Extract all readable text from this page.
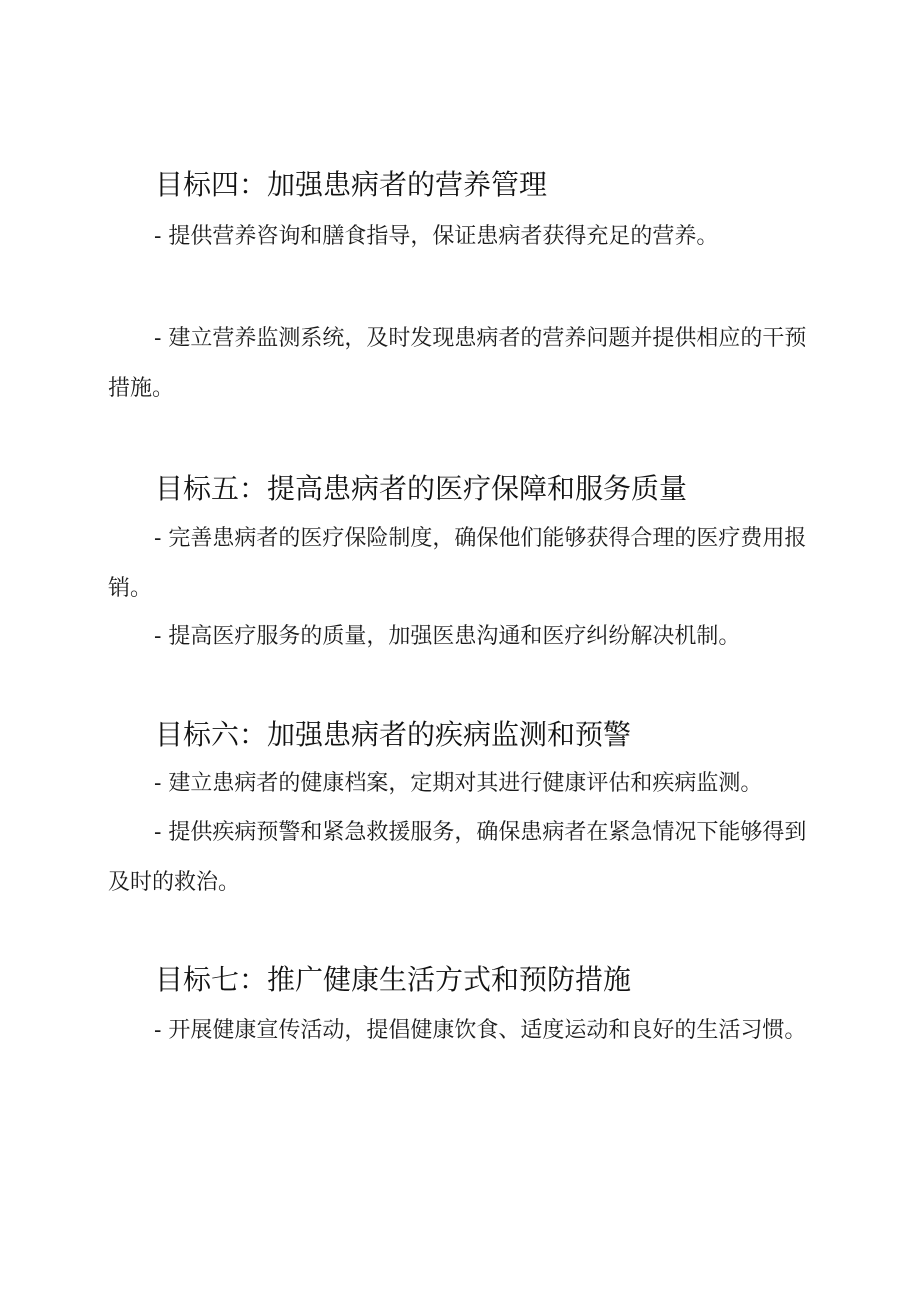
目标四：加强患病者的营养管理

- 提供营养咨询和膳食指导，保证患病者获得充足的营养。

- 建立营养监测系统，及时发现患病者的营养问题并提供相应的干预措施。

目标五：提高患病者的医疗保障和服务质量

- 完善患病者的医疗保险制度，确保他们能够获得合理的医疗费用报销。

- 提高医疗服务的质量，加强医患沟通和医疗纠纷解决机制。

目标六：加强患病者的疾病监测和预警

- 建立患病者的健康档案，定期对其进行健康评估和疾病监测。

- 提供疾病预警和紧急救援服务，确保患病者在紧急情况下能够得到及时的救治。

目标七：推广健康生活方式和预防措施

- 开展健康宣传活动，提倡健康饮食、适度运动和良好的生活习惯。
